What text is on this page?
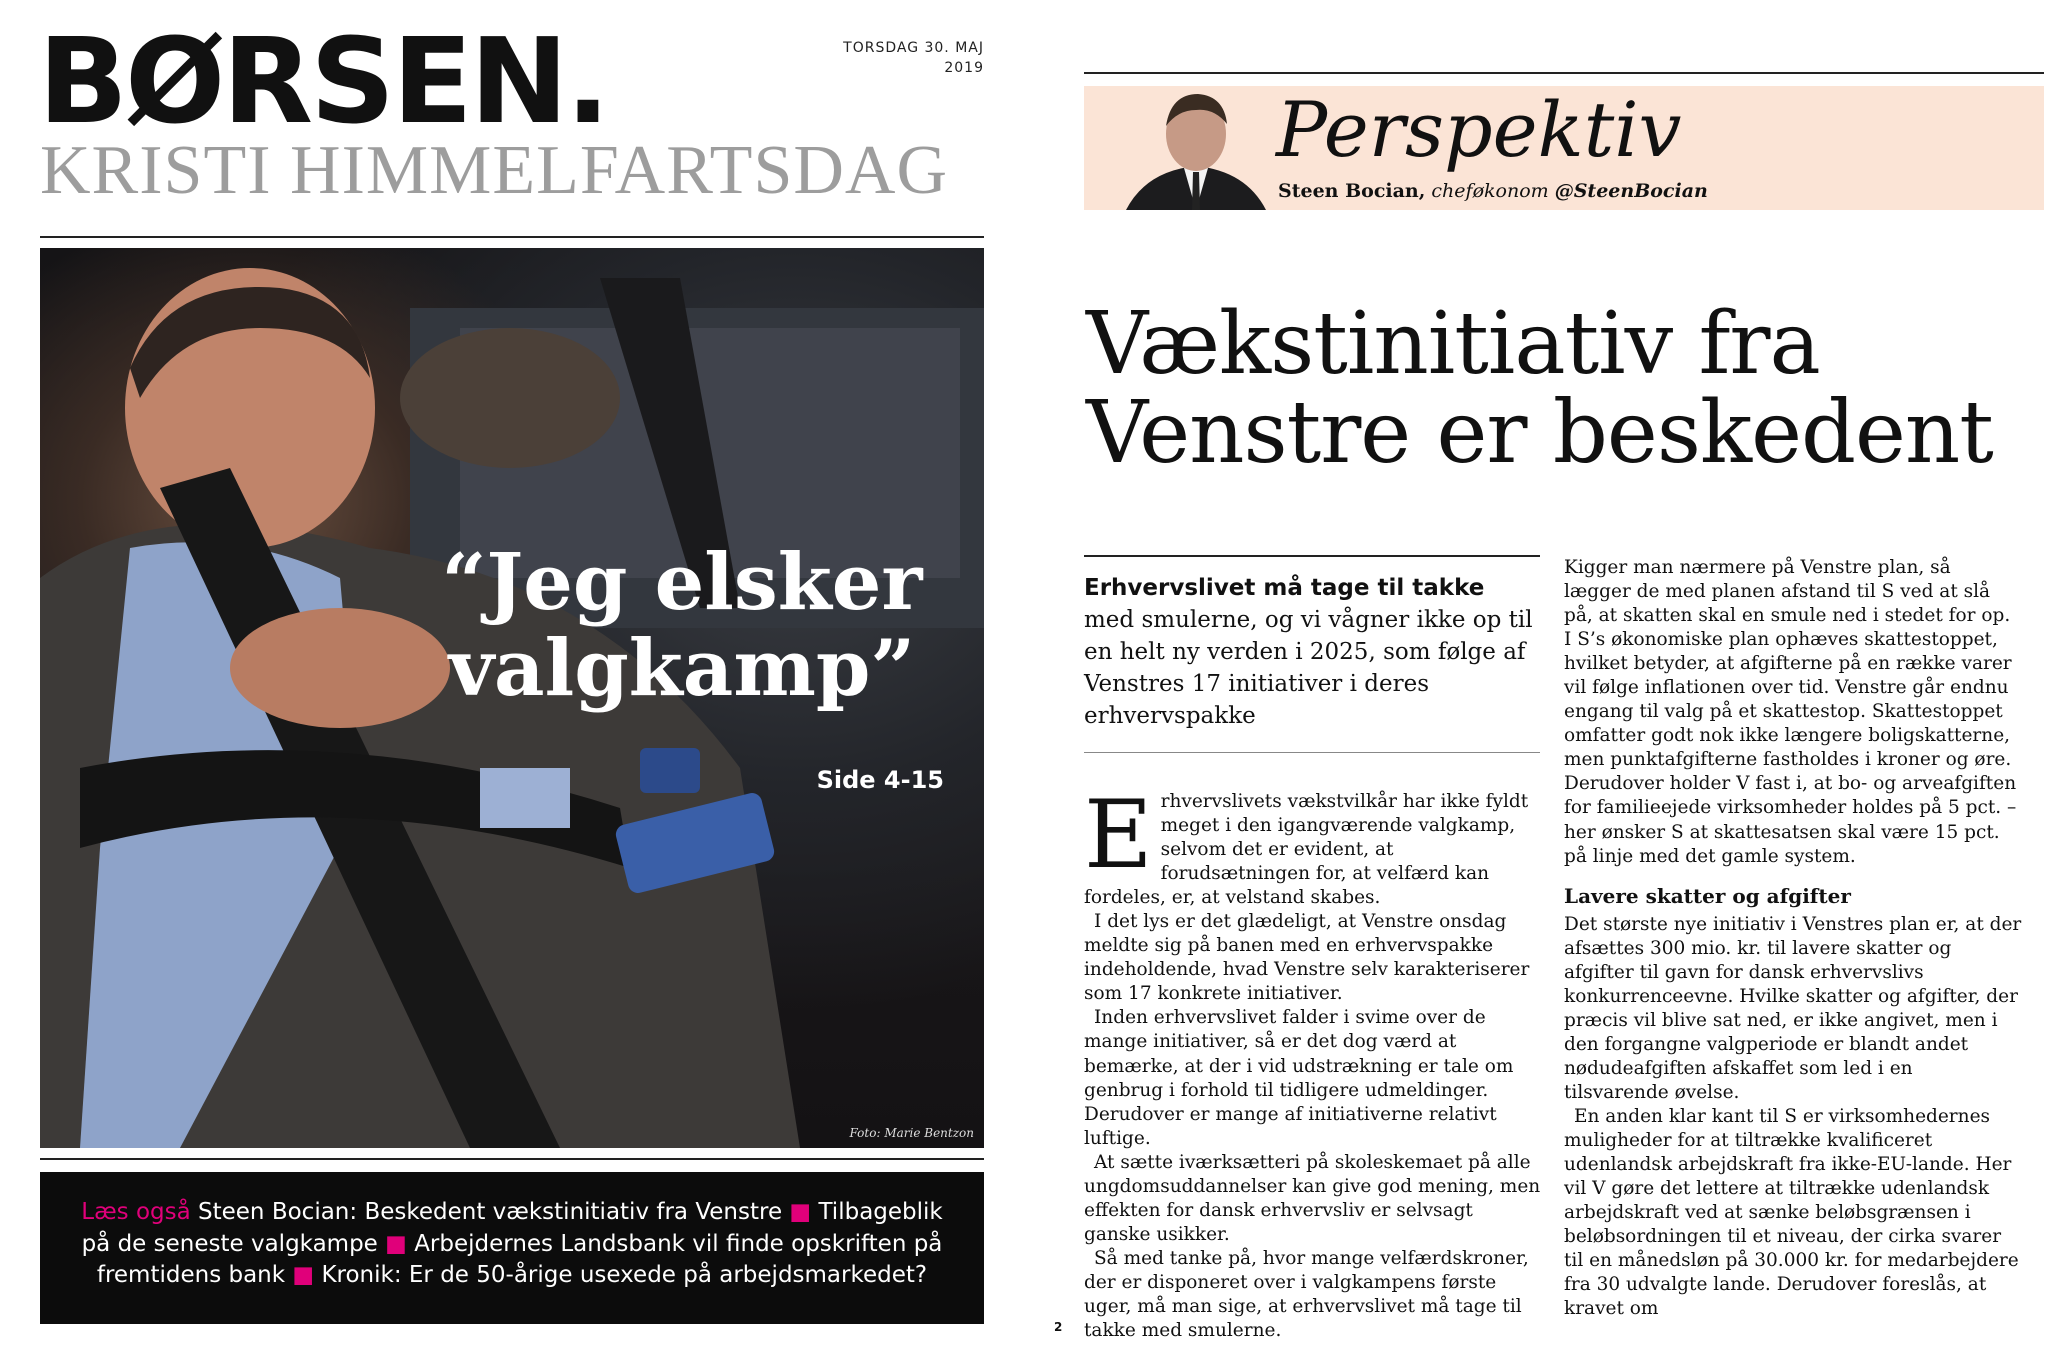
BØRSEN.
KRISTI HIMMELFARTSDAG
TORSDAG 30. MAJ
2019
“Jeg elsker
valgkamp”
Side 4-15
Foto: Marie Bentzon
Læs også Steen Bocian: Beskedent vækstinitiativ fra Venstre ■ Tilbageblik på de seneste valgkampe ■ Arbejdernes Landsbank vil finde opskriften på fremtidens bank ■ Kronik: Er de 50-årige usexede på arbejdsmarkedet?
Perspektiv
Steen Bocian, cheføkonom @SteenBocian
Vækstinitiativ fra
Venstre er beskedent
Erhvervslivet må tage til takke med smulerne, og vi vågner ikke op til en helt ny verden i 2025, som følge af Venstres 17 initiativer i deres erhvervspakke

Erhvervslivets vækstvilkår har ikke fyldt meget i den igangværende valgkamp, selvom det er evident, at forudsætningen for, at velfærd kan fordeles, er, at velstand skabes.

I det lys er det glædeligt, at Venstre onsdag meldte sig på banen med en erhvervspakke indeholdende, hvad Venstre selv karakteriserer som 17 konkrete initiativer.

Inden erhvervslivet falder i svime over de mange initiativer, så er det dog værd at bemærke, at der i vid udstrækning er tale om genbrug i forhold til tidligere udmeldinger. Derudover er mange af initiativerne relativt luftige.

At sætte iværksætteri på skoleskemaet på alle ungdomsuddannelser kan give god mening, men effekten for dansk erhvervsliv er selvsagt ganske usikker.

Så med tanke på, hvor mange velfærdskroner, der er disponeret over i valgkampens første uger, må man sige, at erhvervslivet må tage til takke med smulerne.

Kigger man nærmere på Venstre plan, så lægger de med planen afstand til S ved at slå på, at skatten skal en smule ned i stedet for op. I S’s økonomiske plan ophæves skattestoppet, hvilket betyder, at afgifterne på en række varer vil følge inflationen over tid. Venstre går endnu engang til valg på et skattestop. Skattestoppet omfatter godt nok ikke længere boligskatterne, men punktafgifterne fastholdes i kroner og øre. Derudover holder V fast i, at bo- og arveafgiften for familieejede virksomheder holdes på 5 pct. – her ønsker S at skattesatsen skal være 15 pct. på linje med det gamle system.

Lavere skatter og afgifter

Det største nye initiativ i Venstres plan er, at der afsættes 300 mio. kr. til lavere skatter og afgifter til gavn for dansk erhvervslivs konkurrenceevne. Hvilke skatter og afgifter, der præcis vil blive sat ned, er ikke angivet, men i den forgangne valgperiode er blandt andet nødudeafgiften afskaffet som led i en tilsvarende øvelse.

En anden klar kant til S er virksomhedernes muligheder for at tiltrække kvalificeret udenlandsk arbejdskraft fra ikke-EU-lande. Her vil V gøre det lettere at tiltrække udenlandsk arbejdskraft ved at sænke beløbsgrænsen i beløbsordningen til et niveau, der cirka svarer til en månedsløn på 30.000 kr. for medarbejdere fra 30 udvalgte lande. Derudover foreslås, at kravet om

2
